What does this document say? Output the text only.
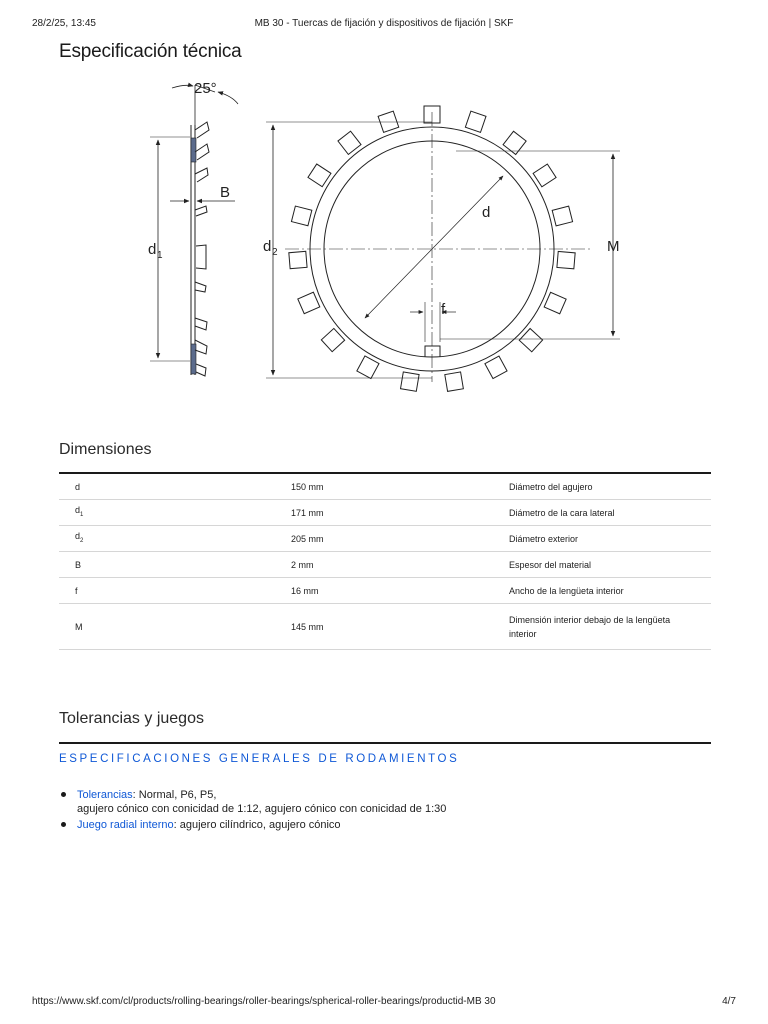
28/2/25, 13:45	MB 30 - Tuercas de fijación y dispositivos de fijación | SKF
Especificación técnica
25°
B
d 1
d 2
d
M
f
Dimensiones
d	150 mm	Diámetro del agujero
$d_1$	171 mm	Diámetro de la cara lateral
$d_2$	205 mm	Diámetro exterior
B	2 mm	Espesor del material
f	16 mm	Ancho de la lengüeta interior
M	145 mm	Dimensión interior debajo de la lengüeta interior
Tolerancias y juegos
ESPECIFICACIONES GENERALES DE RODAMIENTOS
Tolerancias: Normal, P6, P5,
agujero cónico con conicidad de 1:12, agujero cónico con conicidad de 1:30
Juego radial interno: agujero cilíndrico, agujero cónico
https://www.skf.com/cl/products/rolling-bearings/roller-bearings/spherical-roller-bearings/productid-MB 30	4/7
